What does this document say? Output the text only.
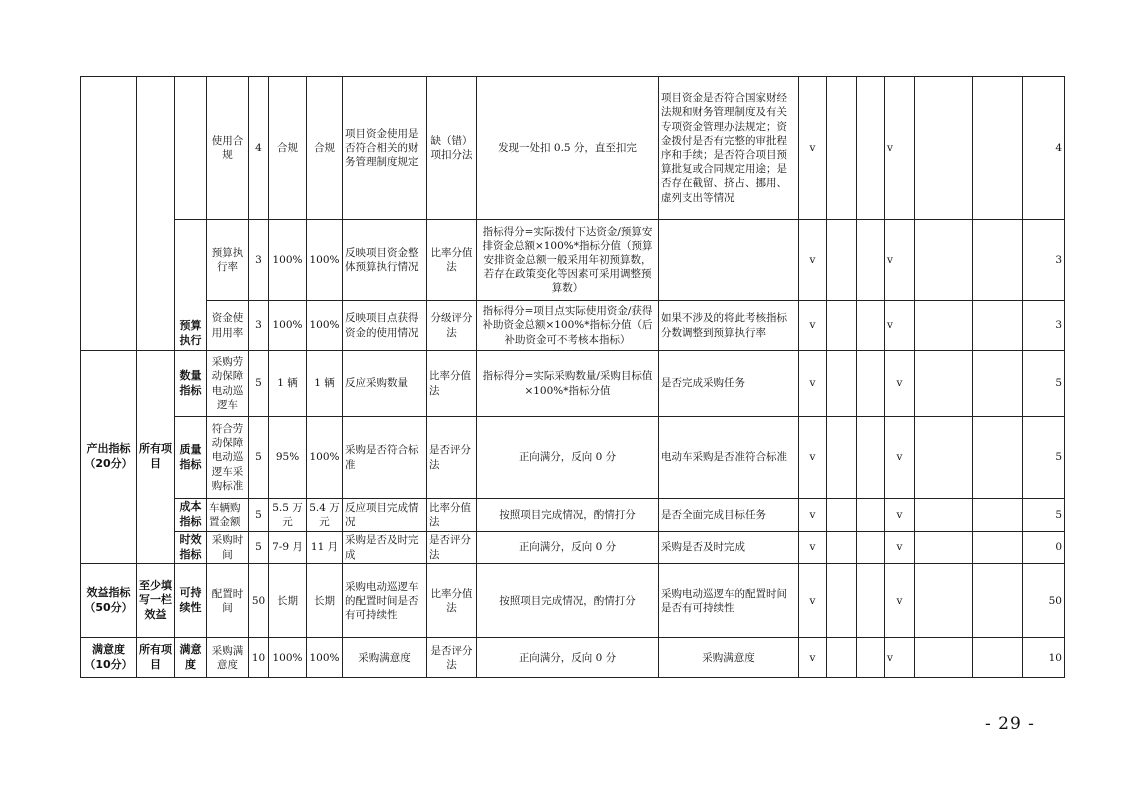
			使用合规	4	合规	合规	项目资金使用是否符合相关的财务管理制度规定	缺（错）项扣分法	发现一处扣 0.5 分，直至扣完	项目资金是否符合国家财经法规和财务管理制度及有关专项资金管理办法规定；资金拨付是否有完整的审批程序和手续；是否符合项目预算批复或合同规定用途；是否存在截留、挤占、挪用、虚列支出等情况	v			v			4
		预算执行	预算执行率	3	100%	100%	反映项目资金整体预算执行情况	比率分值法	指标得分=实际拨付下达资金/预算安排资金总额×100%*指标分值（预算安排资金总额一般采用年初预算数，若存在政策变化等因素可采用调整预算数）		v			v			3
			资金使用用率	3	100%	100%	反映项目点获得资金的使用情况	分级评分法	指标得分=项目点实际使用资金/获得补助资金总额×100%*指标分值（后补助资金可不考核本指标）	如果不涉及的将此考核指标分数调整到预算执行率	v			v			3
产出指标（20分）	所有项目	数量指标	采购劳动保障电动巡逻车	5	1 辆	1 辆	反应采购数量	比率分值法	指标得分=实际采购数量/采购目标值×100%*指标分值	是否完成采购任务	v			v			5
		质量指标	符合劳动保障电动巡逻车采购标准	5	95%	100%	采购是否符合标准	是否评分法	正向满分，反向 0 分	电动车采购是否准符合标准	v			v			5
		成本指标	车辆购置金额	5	5.5 万元	5.4 万元	反应项目完成情况	比率分值法	按照项目完成情况，酌情打分	是否全面完成目标任务	v			v			5
		时效指标	采购时间	5	7-9 月	11 月	采购是否及时完成	是否评分法	正向满分，反向 0 分	采购是否及时完成	v			v			0
效益指标（50分）	至少填写一栏效益	可持续性	配置时间	50	长期	长期	采购电动巡逻车的配置时间是否有可持续性	比率分值法	按照项目完成情况，酌情打分	采购电动巡逻车的配置时间是否有可持续性	v			v			50
满意度（10分）	所有项目	满意度	采购满意度	10	100%	100%	采购满意度	是否评分法	正向满分，反向 0 分	采购满意度	v			v			10
- 29 -
